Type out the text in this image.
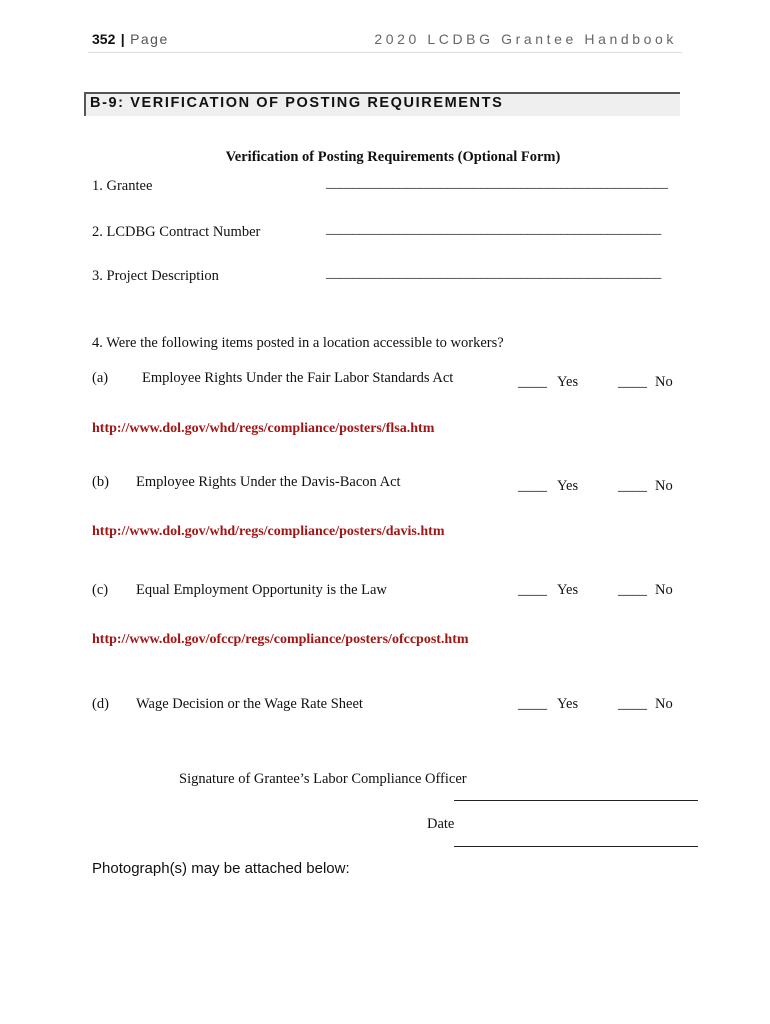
352 | Page	2020 LCDBG Grantee Handbook
B-9: VERIFICATION OF POSTING REQUIREMENTS
Verification of Posting Requirements (Optional Form)
1. Grantee	___________________________________________________
2. LCDBG Contract Number	__________________________________________________
3. Project Description	__________________________________________________
4. Were the following items posted in a location accessible to workers?
(a) Employee Rights Under the Fair Labor Standards Act	____ Yes	____ No
http://www.dol.gov/whd/regs/compliance/posters/flsa.htm
(b) Employee Rights Under the Davis-Bacon Act	____ Yes	____ No
http://www.dol.gov/whd/regs/compliance/posters/davis.htm
(c) Equal Employment Opportunity is the Law	____ Yes	____ No
http://www.dol.gov/ofccp/regs/compliance/posters/ofccpost.htm
(d) Wage Decision or the Wage Rate Sheet	____ Yes	____ No
Signature of Grantee’s Labor Compliance Officer
Date
Photograph(s) may be attached below:
